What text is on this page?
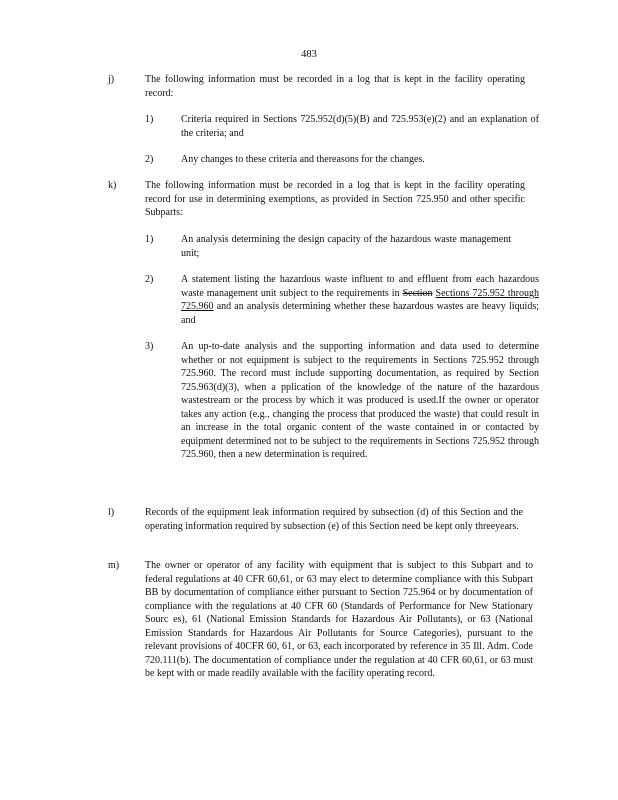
483
j)	The following information must be recorded in a log that is kept in the facility operating record:
1)	Criteria required in Sections 725.952(d)(5)(B) and 725.953(e)(2) and an explanation of the criteria; and
2)	Any changes to these criteria and thereasons for the changes.
k)	The following information must be recorded in a log that is kept in the facility operating record for use in determining exemptions, as provided in Section 725.950 and other specific Subparts:
1)	An analysis determining the design capacity of the hazardous waste management unit;
2)	A statement listing the hazardous waste influent to and effluent from each hazardous waste management unit subject to the requirements in Section Sections 725.952 through 725.960 and an analysis determining whether these hazardous wastes are heavy liquids; and
3)	An up-to-date analysis and the supporting information and data used to determine whether or not equipment is subject to the requirements in Sections 725.952 through 725.960. The record must include supporting documentation, as required by Section 725.963(d)(3), when a pplication of the knowledge of the nature of the hazardous wastestream or the process by which it was produced is used.If the owner or operator takes any action (e.g., changing the process that produced the waste) that could result in an increase in the total organic content of the waste contained in or contacted by equipment determined not to be subject to the requirements in Sections 725.952 through 725.960, then a new determination is required.
l)	Records of the equipment leak information required by subsection (d) of this Section and the operating information required by subsection (e) of this Section need be kept only threeyears.
m)	The owner or operator of any facility with equipment that is subject to this Subpart and to federal regulations at 40 CFR 60,61, or 63 may elect to determine compliance with this Subpart BB by documentation of compliance either pursuant to Section 725.964 or by documentation of compliance with the regulations at 40 CFR 60 (Standards of Performance for New Stationary Sourc es), 61 (National Emission Standards for Hazardous Air Pollutants), or 63 (National Emission Standards for Hazardous Air Pollutants for Source Categories), pursuant to the relevant provisions of 40CFR 60, 61, or 63, each incorporated by reference in 35 Ill. Adm. Code 720.111(b). The documentation of compliance under the regulation at 40 CFR 60,61, or 63 must be kept with or made readily available with the facility operating record.
